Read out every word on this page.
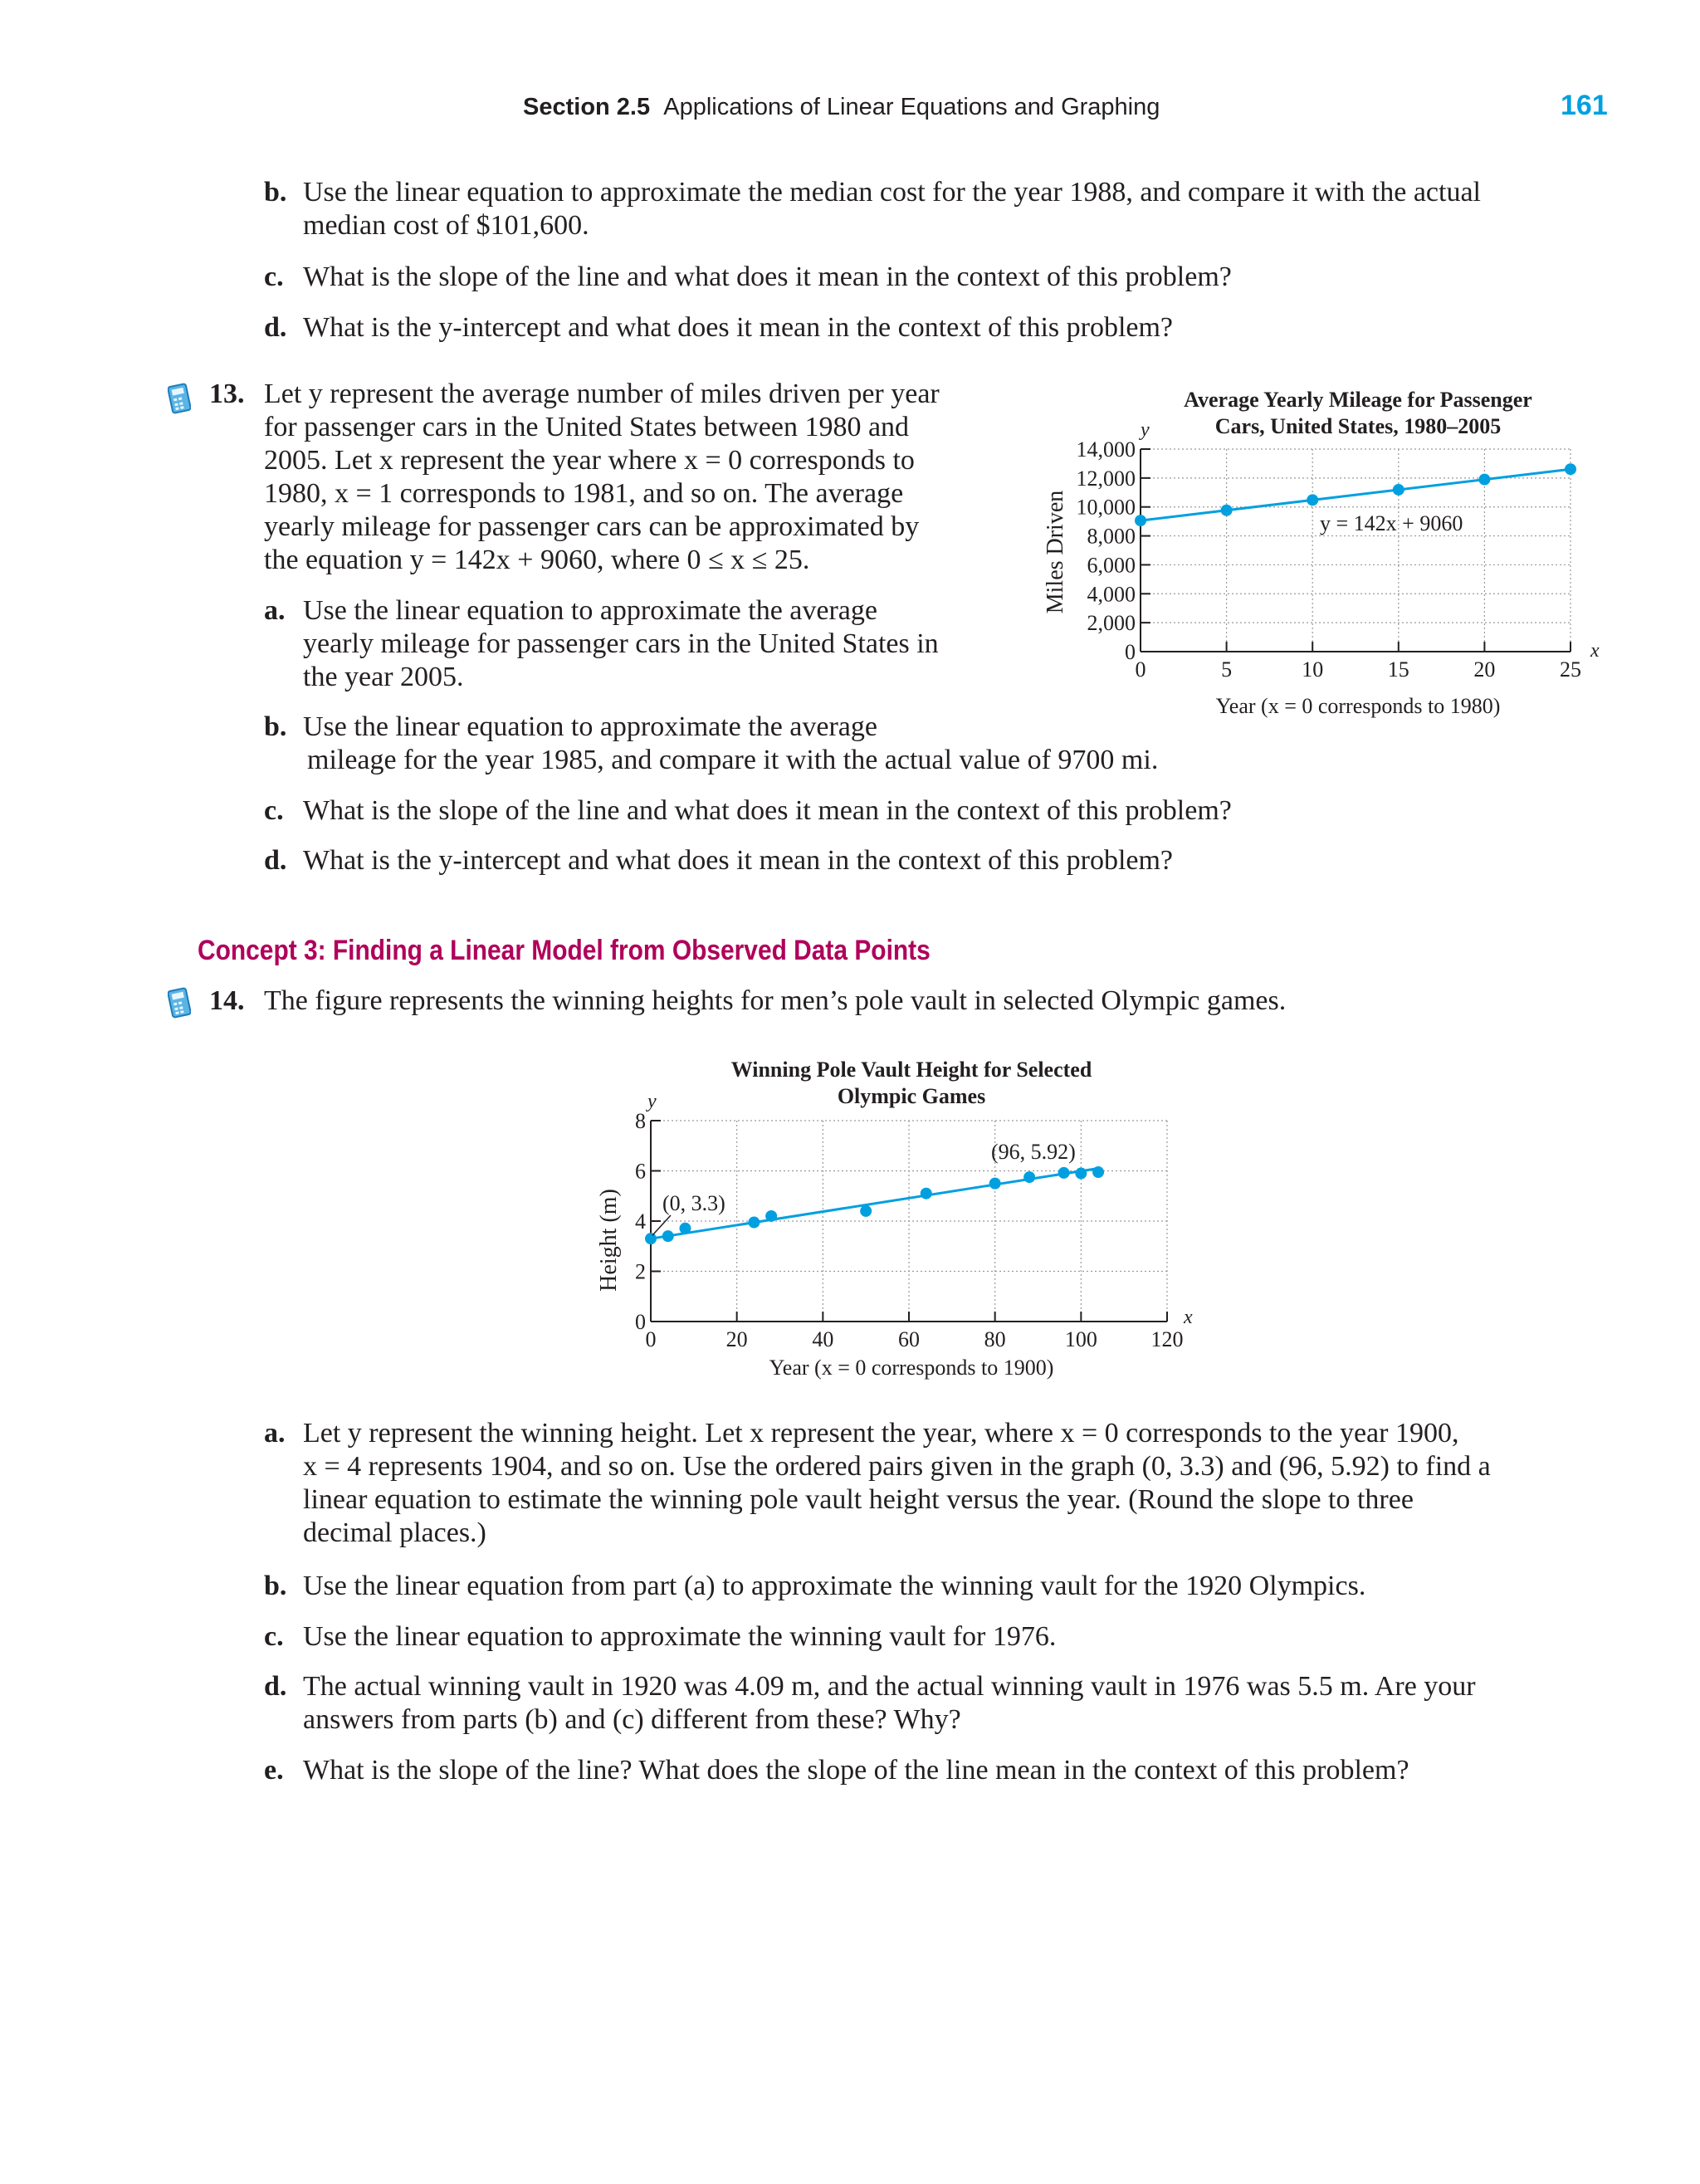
Section 2.5 Applications of Linear Equations and Graphing	161
b. Use the linear equation to approximate the median cost for the year 1988, and compare it with the actual
median cost of $101,600.
c. What is the slope of the line and what does it mean in the context of this problem?
d. What is the y-intercept and what does it mean in the context of this problem?
13. Let y represent the average number of miles driven per year
for passenger cars in the United States between 1980 and
2005. Let x represent the year where x = 0 corresponds to
1980, x = 1 corresponds to 1981, and so on. The average
yearly mileage for passenger cars can be approximated by
the equation y = 142x + 9060, where 0 ≤ x ≤ 25.
a. Use the linear equation to approximate the average
yearly mileage for passenger cars in the United States in
the year 2005.
b. Use the linear equation to approximate the average
mileage for the year 1985, and compare it with the actual value of 9700 mi.
c. What is the slope of the line and what does it mean in the context of this problem?
d. What is the y-intercept and what does it mean in the context of this problem?
Average Yearly Mileage for Passenger
Cars, United States, 1980–2005
0
2,000
4,000
6,000
8,000
10,000
12,000
14,000
0	5	10	15	20	25
y
x
Miles Driven
Year (x = 0 corresponds to 1980)
y = 142x + 9060
Concept 3: Finding a Linear Model from Observed Data Points
14. The figure represents the winning heights for men’s pole vault in selected Olympic games.
Winning Pole Vault Height for Selected
Olympic Games
0
2
4
6
8
0	20	40	60	80	100 120
y
x
Height (m)
Year (x = 0 corresponds to 1900)
(0, 3.3)
(96, 5.92)
a. Let y represent the winning height. Let x represent the year, where x = 0 corresponds to the year 1900,
x = 4 represents 1904, and so on. Use the ordered pairs given in the graph (0, 3.3) and (96, 5.92) to find a
linear equation to estimate the winning pole vault height versus the year. (Round the slope to three
decimal places.)
b. Use the linear equation from part (a) to approximate the winning vault for the 1920 Olympics.
c. Use the linear equation to approximate the winning vault for 1976.
d. The actual winning vault in 1920 was 4.09 m, and the actual winning vault in 1976 was 5.5 m. Are your
answers from parts (b) and (c) different from these? Why?
e. What is the slope of the line? What does the slope of the line mean in the context of this problem?
